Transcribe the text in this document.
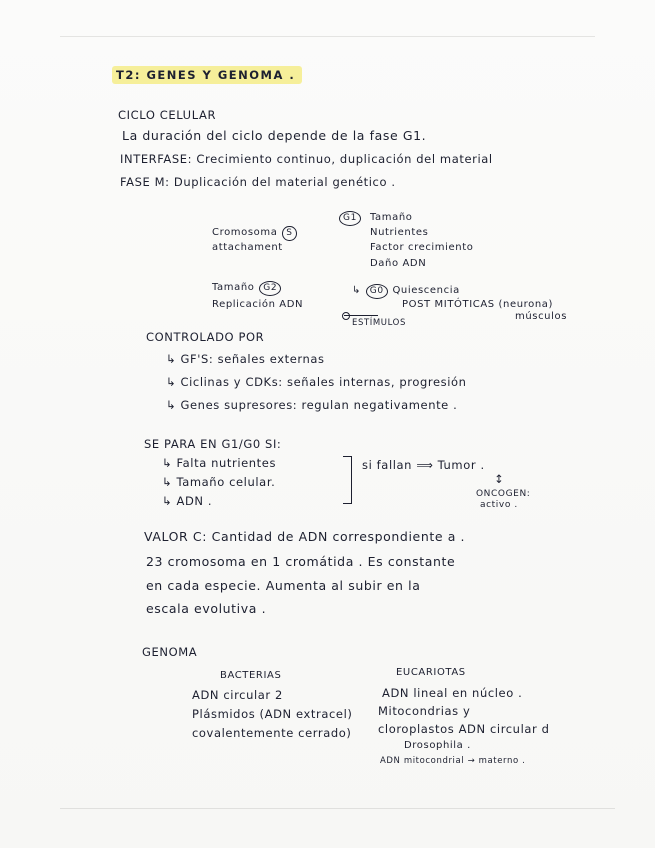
T2: GENES Y GENOMA .
CICLO CELULAR
La duración del ciclo depende de la fase G1.
INTERFASE: Crecimiento continuo, duplicación del material
FASE M: Duplicación del material genético .
Cromosoma S
attachament
G1	Tamaño
Nutrientes
Factor crecimiento
Daño ADN
Tamaño G2
Replicación ADN
↳ G0 Quiescencia
POST MITÓTICAS (neurona)
músculos
ESTÍMULOS
CONTROLADO POR
↳ GF'S: señales externas
↳ Ciclinas y CDKs: señales internas, progresión
↳ Genes supresores: regulan negativamente .
SE PARA EN G1/G0 SI:
↳ Falta nutrientes
↳ Tamaño celular.
↳ ADN .
si fallan ⟹ Tumor .
↕
ONCOGEN:
activo .
VALOR C: Cantidad de ADN correspondiente a .
23 cromosoma en 1 cromátida . Es constante
en cada especie. Aumenta al subir en la
escala evolutiva .
GENOMA
BACTERIAS
ADN circular 2
Plásmidos (ADN extracel)
covalentemente cerrado)
EUCARIOTAS
ADN lineal en núcleo .
Mitocondrias y
cloroplastos ADN circular d
Drosophila .
ADN mitocondrial → materno .
